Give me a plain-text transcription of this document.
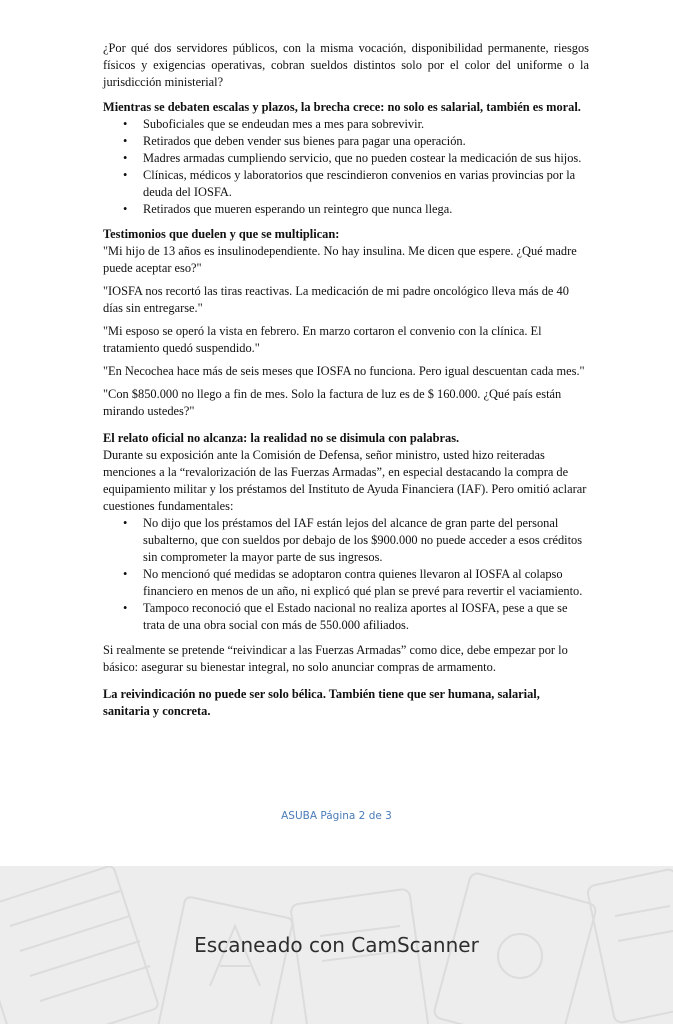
¿Por qué dos servidores públicos, con la misma vocación, disponibilidad permanente, riesgos físicos y exigencias operativas, cobran sueldos distintos solo por el color del uniforme o la jurisdicción ministerial?

Mientras se debaten escalas y plazos, la brecha crece: no solo es salarial, también es moral.

• Suboficiales que se endeudan mes a mes para sobrevivir.
• Retirados que deben vender sus bienes para pagar una operación.
• Madres armadas cumpliendo servicio, que no pueden costear la medicación de sus hijos.
• Clínicas, médicos y laboratorios que rescindieron convenios en varias provincias por la deuda del IOSFA.
• Retirados que mueren esperando un reintegro que nunca llega.

Testimonios que duelen y que se multiplican:

"Mi hijo de 13 años es insulinodependiente. No hay insulina. Me dicen que espere. ¿Qué madre puede aceptar eso?"

"IOSFA nos recortó las tiras reactivas. La medicación de mi padre oncológico lleva más de 40 días sin entregarse."

"Mi esposo se operó la vista en febrero. En marzo cortaron el convenio con la clínica. El tratamiento quedó suspendido."

"En Necochea hace más de seis meses que IOSFA no funciona. Pero igual descuentan cada mes."

"Con $850.000 no llego a fin de mes. Solo la factura de luz es de $ 160.000. ¿Qué país están mirando ustedes?"

El relato oficial no alcanza: la realidad no se disimula con palabras.

Durante su exposición ante la Comisión de Defensa, señor ministro, usted hizo reiteradas menciones a la “revalorización de las Fuerzas Armadas”, en especial destacando la compra de equipamiento militar y los préstamos del Instituto de Ayuda Financiera (IAF). Pero omitió aclarar cuestiones fundamentales:

• No dijo que los préstamos del IAF están lejos del alcance de gran parte del personal subalterno, que con sueldos por debajo de los $900.000 no puede acceder a esos créditos sin comprometer la mayor parte de sus ingresos.
• No mencionó qué medidas se adoptaron contra quienes llevaron al IOSFA al colapso financiero en menos de un año, ni explicó qué plan se prevé para revertir el vaciamiento.
• Tampoco reconoció que el Estado nacional no realiza aportes al IOSFA, pese a que se trata de una obra social con más de 550.000 afiliados.

Si realmente se pretende “reivindicar a las Fuerzas Armadas” como dice, debe empezar por lo básico: asegurar su bienestar integral, no solo anunciar compras de armamento.

La reivindicación no puede ser solo bélica. También tiene que ser humana, salarial, sanitaria y concreta.

ASUBA Página 2 de 3
Escaneado con CamScanner
